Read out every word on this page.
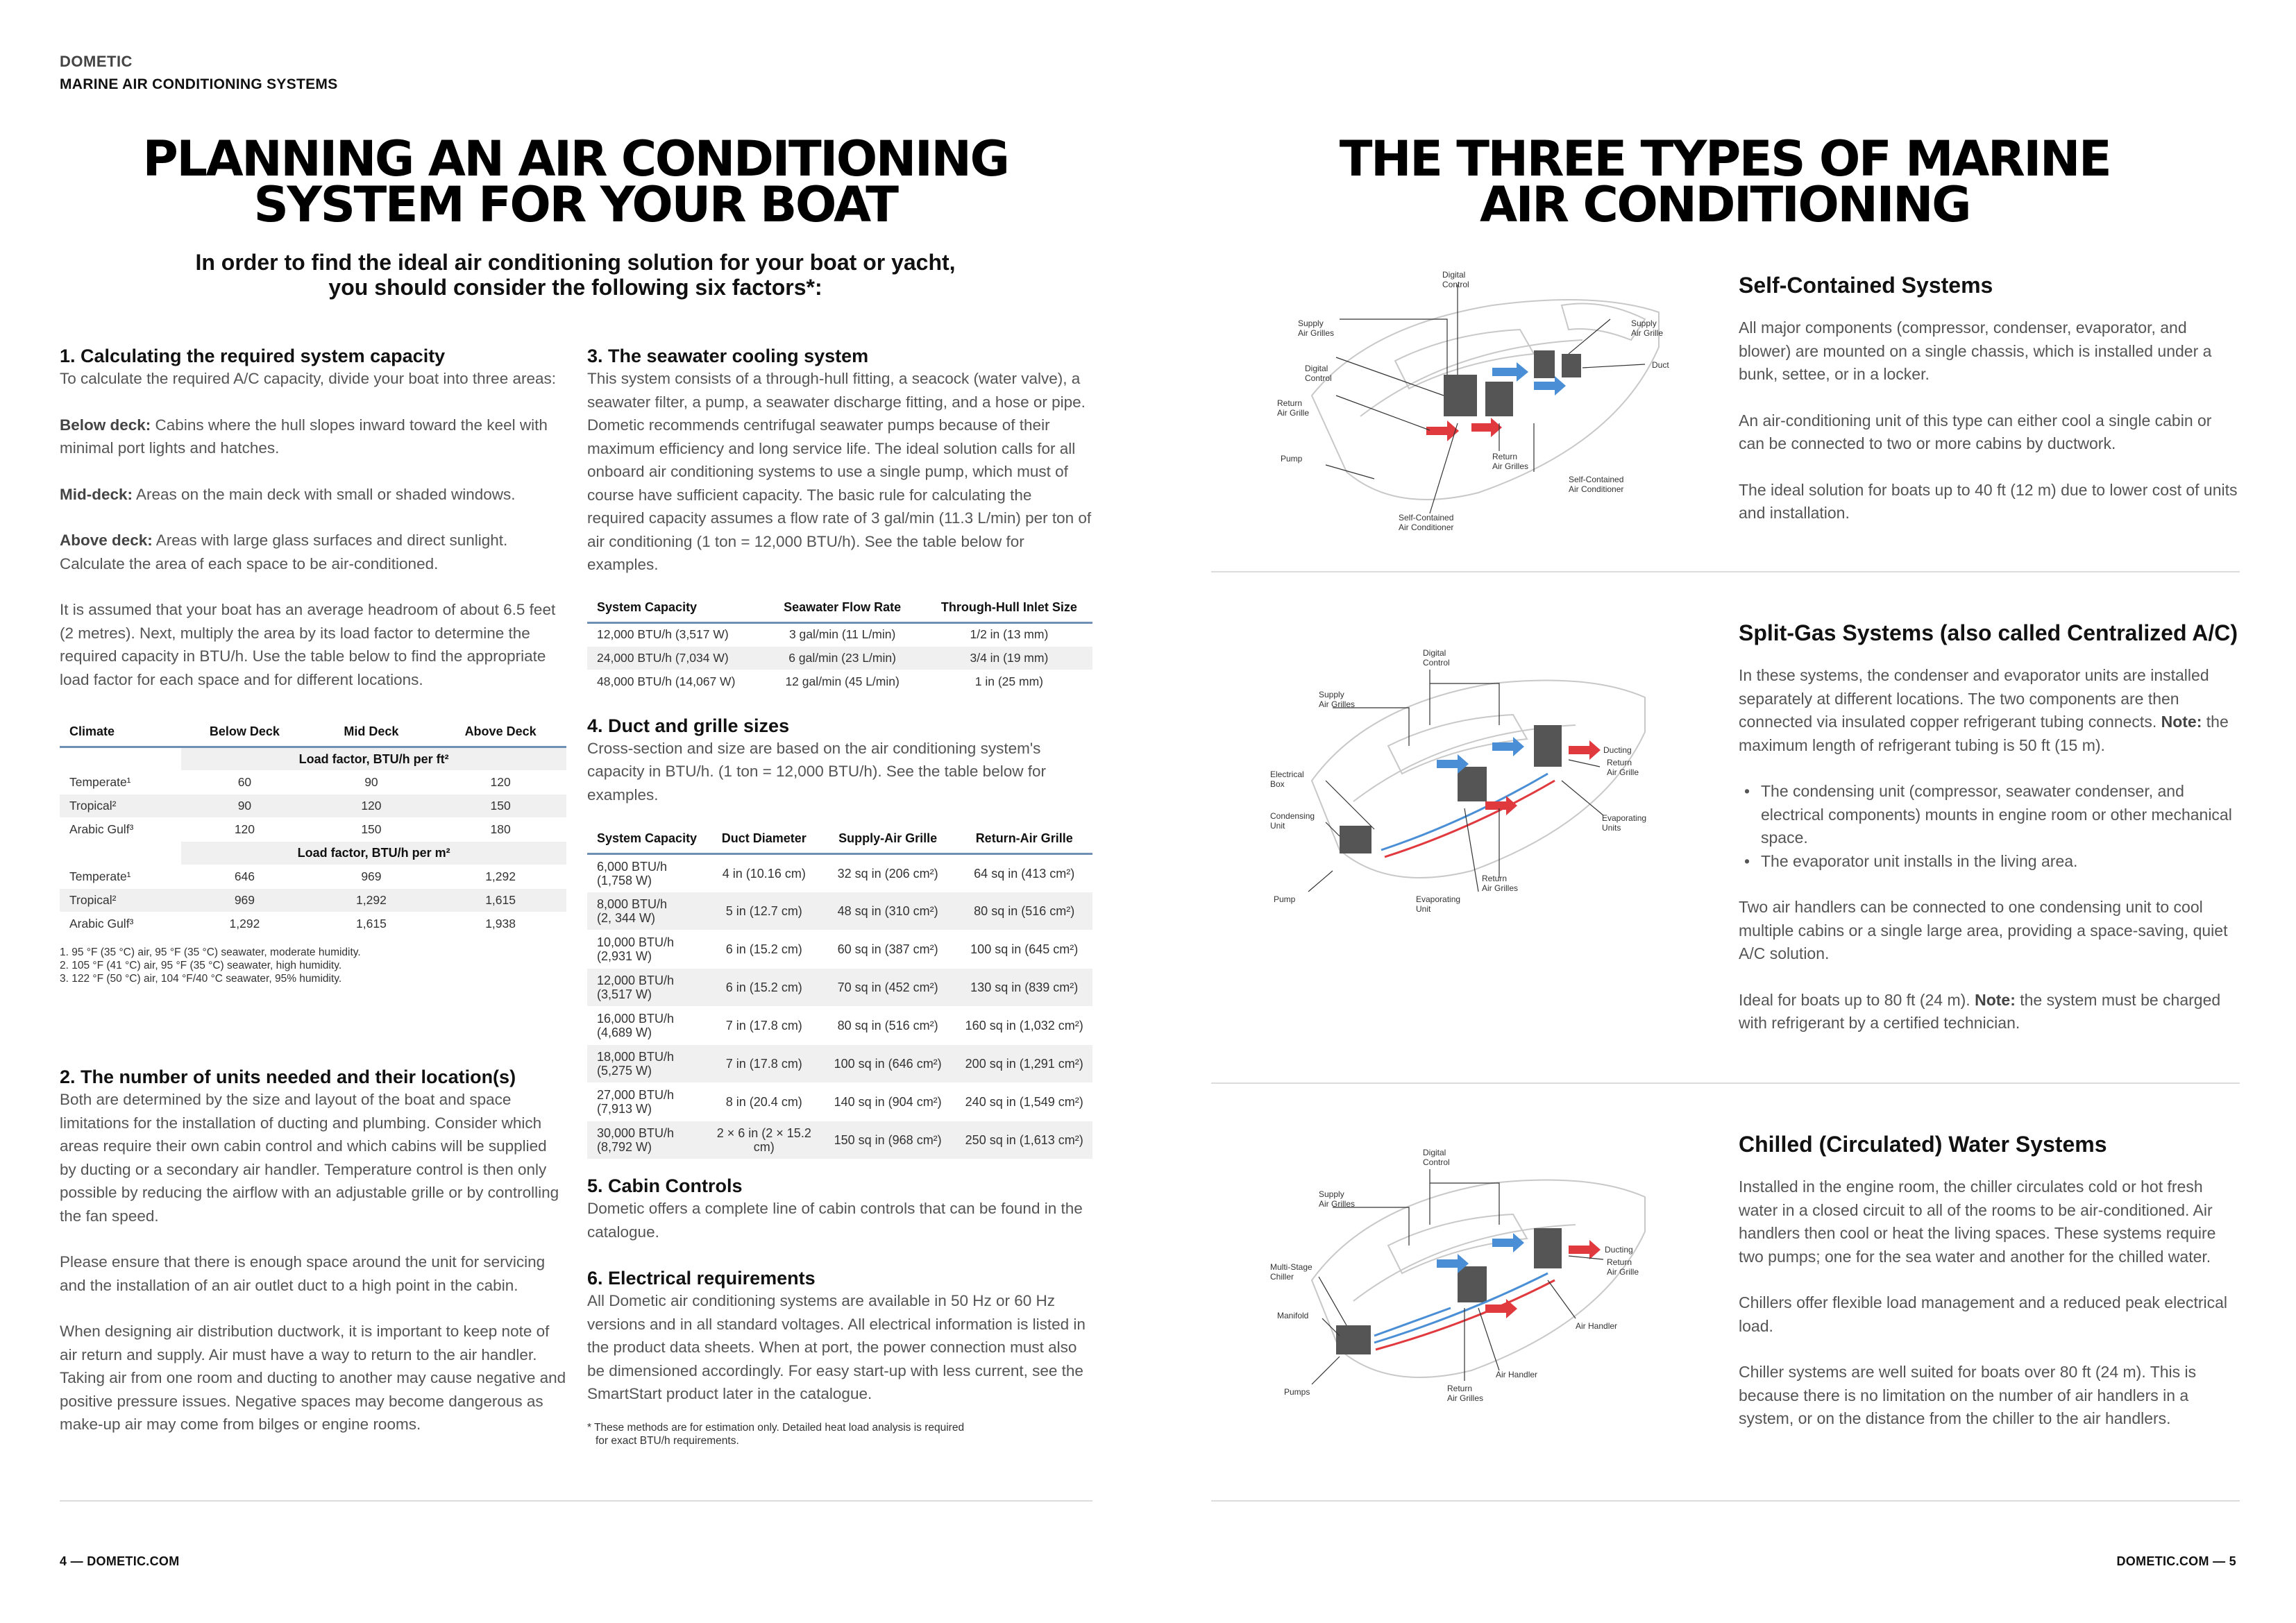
DOMETIC
MARINE AIR CONDITIONING SYSTEMS
PLANNING AN AIR CONDITIONING
SYSTEM FOR YOUR BOAT
In order to find the ideal air conditioning solution for your boat or yacht,
you should consider the following six factors*:
1. Calculating the required system capacity

To calculate the required A/C capacity, divide your boat into three areas:

Below deck: Cabins where the hull slopes inward toward the keel with minimal port lights and hatches.

Mid-deck: Areas on the main deck with small or shaded windows.

Above deck: Areas with large glass surfaces and direct sunlight. Calculate the area of each space to be air-conditioned.

It is assumed that your boat has an average headroom of about 6.5 feet (2 metres). Next, multiply the area by its load factor to determine the required capacity in BTU/h. Use the table below to find the appropriate load factor for each space and for different locations.

Climate	Below Deck	Mid Deck	Above Deck
	Load factor, BTU/h per ft²		
Temperate¹	60	90	120
Tropical²	90	120	150
Arabic Gulf³	120	150	180
	Load factor, BTU/h per m²		
Temperate¹	646	969	1,292
Tropical²	969	1,292	1,615
Arabic Gulf³	1,292	1,615	1,938
1. 95 °F (35 °C) air, 95 °F (35 °C) seawater, moderate humidity.
2. 105 °F (41 °C) air, 95 °F (35 °C) seawater, high humidity.
3. 122 °F (50 °C) air, 104 °F/40 °C seawater, 95% humidity.
2. The number of units needed and their location(s)

Both are determined by the size and layout of the boat and space limitations for the installation of ducting and plumbing. Consider which areas require their own cabin control and which cabins will be supplied by ducting or a secondary air handler. Temperature control is then only possible by reducing the airflow with an adjustable grille or by controlling the fan speed.

Please ensure that there is enough space around the unit for servicing and the installation of an air outlet duct to a high point in the cabin.

When designing air distribution ductwork, it is important to keep note of air return and supply. Air must have a way to return to the air handler. Taking air from one room and ducting to another may cause negative and positive pressure issues. Negative spaces may become dangerous as make-up air may come from bilges or engine rooms.

3. The seawater cooling system

This system consists of a through-hull fitting, a seacock (water valve), a seawater filter, a pump, a seawater discharge fitting, and a hose or pipe. Dometic recommends centrifugal seawater pumps because of their maximum efficiency and long service life. The ideal solution calls for all onboard air conditioning systems to use a single pump, which must of course have sufficient capacity. The basic rule for calculating the required capacity assumes a flow rate of 3 gal/min (11.3 L/min) per ton of air conditioning (1 ton = 12,000 BTU/h). See the table below for examples.

System Capacity	Seawater Flow Rate	Through-Hull Inlet Size
12,000 BTU/h (3,517 W)	3 gal/min (11 L/min)	1/2 in (13 mm)
24,000 BTU/h (7,034 W)	6 gal/min (23 L/min)	3/4 in (19 mm)
48,000 BTU/h (14,067 W)	12 gal/min (45 L/min)	1 in (25 mm)
4. Duct and grille sizes

Cross-section and size are based on the air conditioning system's capacity in BTU/h. (1 ton = 12,000 BTU/h). See the table below for examples.

System Capacity	Duct Diameter	Supply-Air Grille	Return-Air Grille

6,000 BTU/h
(1,758 W)	4 in (10.16 cm)	32 sq in (206 cm²)	64 sq in (413 cm²)

8,000 BTU/h
(2, 344 W)	5 in (12.7 cm)	48 sq in (310 cm²)	80 sq in (516 cm²)

10,000 BTU/h
(2,931 W)	6 in (15.2 cm)	60 sq in (387 cm²)	100 sq in (645 cm²)

12,000 BTU/h
(3,517 W)	6 in (15.2 cm)	70 sq in (452 cm²)	130 sq in (839 cm²)

16,000 BTU/h
(4,689 W)	7 in (17.8 cm)	80 sq in (516 cm²)	160 sq in (1,032 cm²)

18,000 BTU/h
(5,275 W)	7 in (17.8 cm)	100 sq in (646 cm²)	200 sq in (1,291 cm²)

27,000 BTU/h
(7,913 W)	8 in (20.4 cm)	140 sq in (904 cm²)	240 sq in (1,549 cm²)

30,000 BTU/h
(8,792 W)	2 × 6 in (2 × 15.2 cm)	150 sq in (968 cm²)	250 sq in (1,613 cm²)
5. Cabin Controls

Dometic offers a complete line of cabin controls that can be found in the catalogue.

6. Electrical requirements

All Dometic air conditioning systems are available in 50 Hz or 60 Hz versions and in all standard voltages. All electrical information is listed in the product data sheets. When at port, the power connection must also be dimensioned accordingly. For easy start-up with less current, see the SmartStart product later in the catalogue.

* These methods are for estimation only. Detailed heat load analysis is required
for exact BTU/h requirements.
4 — DOMETIC.COM
THE THREE TYPES OF MARINE
AIR CONDITIONING
Digital Control
Supply Air Grilles
Digital Control
Return Air Grille
Pump
Supply Air Grille
Duct
Self-Contained Air Conditioner
Return Air Grilles
Self-Contained Air Conditioner
Self-Contained Systems

All major components (compressor, condenser, evaporator, and blower) are mounted on a single chassis, which is installed under a bunk, settee, or in a locker.

An air-conditioning unit of this type can either cool a single cabin or can be connected to two or more cabins by ductwork.

The ideal solution for boats up to 40 ft (12 m) due to lower cost of units and installation.

Digital Control
Supply Air Grilles
Electrical Box
Condensing Unit
Pump	Evaporating Unit
Return Air Grilles
Ducting
Return Air Grille
Evaporating Units
Split-Gas Systems (also called Centralized A/C)

In these systems, the condenser and evaporator units are installed separately at different locations. The two components are then connected via insulated copper refrigerant tubing connects. Note: the maximum length of refrigerant tubing is 50 ft (15 m).

• The condensing unit (compressor, seawater condenser, and electrical components) mounts in engine room or other mechanical space.
• The evaporator unit installs in the living area.

Two air handlers can be connected to one condensing unit to cool multiple cabins or a single large area, providing a space-saving, quiet A/C solution.

Ideal for boats up to 80 ft (24 m). Note: the system must be charged with refrigerant by a certified technician.

Digital Control
Supply Air Grilles
Multi-Stage Chiller
Manifold
Pumps	Return Air Grilles
Air Handler
Air Handler
Ducting
Return Air Grille
Chilled (Circulated) Water Systems

Installed in the engine room, the chiller circulates cold or hot fresh water in a closed circuit to all of the rooms to be air-conditioned. Air handlers then cool or heat the living spaces. These systems require two pumps; one for the sea water and another for the chilled water.

Chillers offer flexible load management and a reduced peak electrical load.

Chiller systems are well suited for boats over 80 ft (24 m). This is because there is no limitation on the number of air handlers in a system, or on the distance from the chiller to the air handlers.

DOMETIC.COM — 5
